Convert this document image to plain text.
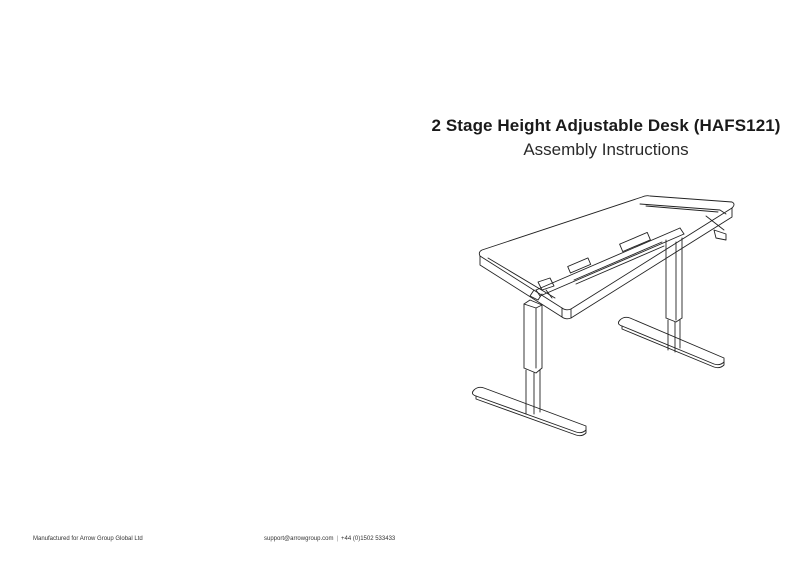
2 Stage Height Adjustable Desk (HAFS121)
Assembly Instructions
Manufactured for Arrow Group Global Ltd	support@arrowgroup.com | +44 (0)1502 533433
